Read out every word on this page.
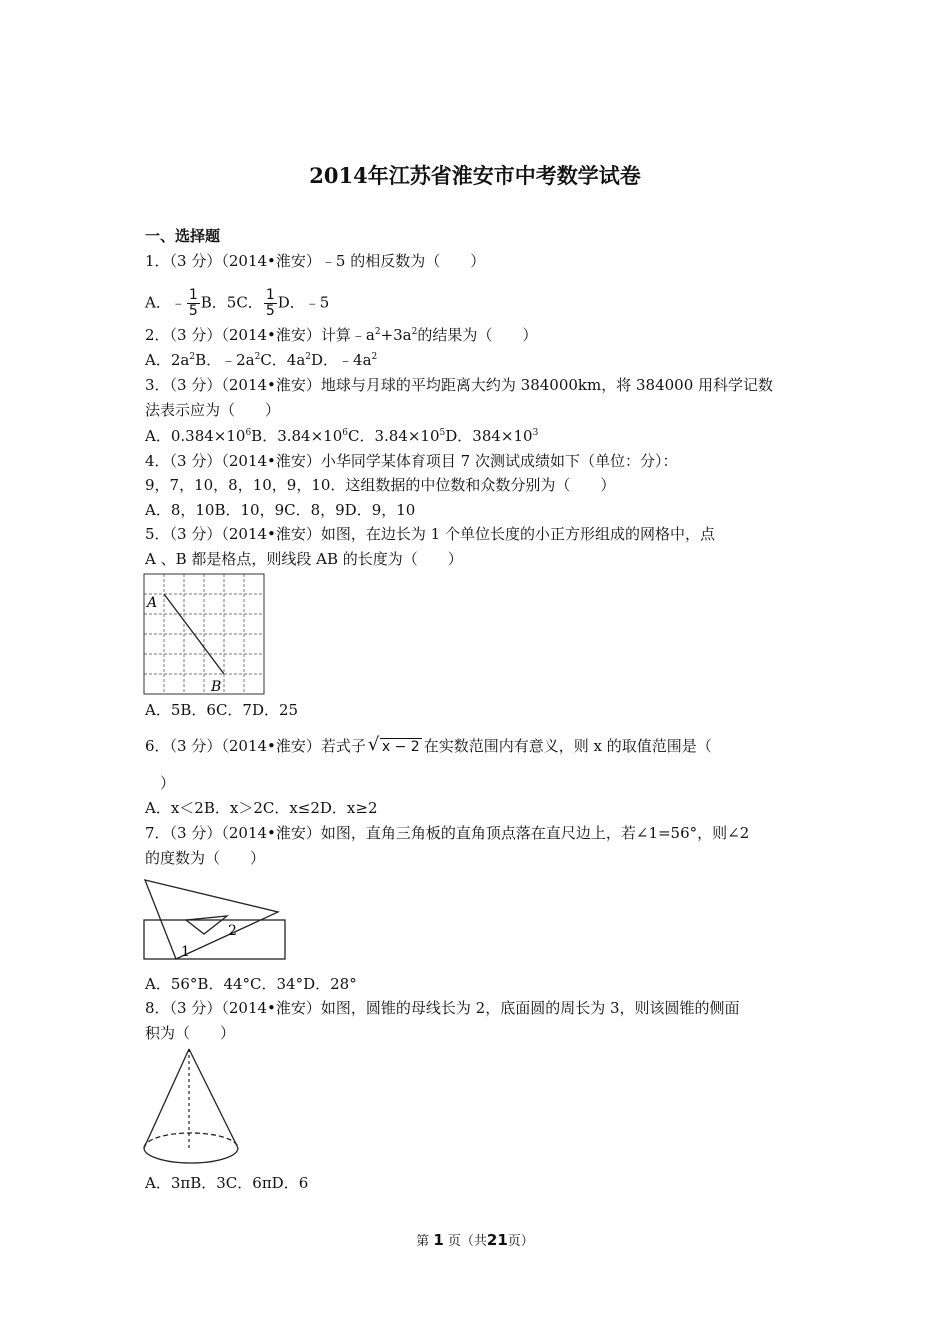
2014年江苏省淮安市中考数学试卷
一、选择题
1．（3 分）（2014•淮安）﹣5 的相反数为（　　）
A．﹣ $\frac{1}{5}$ B．5C． $\frac{1}{5}$ D．﹣5
2．（3 分）（2014•淮安）计算$﹣a^2+3a^2$的结果为（　　）
A．$2a^2B$．$﹣2a^2C$．$4a^2D$．$﹣4a^2$
3．（3 分）（2014•淮安）地球与月球的平均距离大约为 384000km，将 384000 用科学记数
法表示应为（　　）
A．$0.384\times 10^6B$．$3.84\times 10^6C$．$3.84\times 10^5D$．$384\times 10^3$
4．（3 分）（2014•淮安）小华同学某体育项目 7 次测试成绩如下（单位：分）：
9，7，10，8，10，9，10．这组数据的中位数和众数分别为（　　）
A．8，10B．10，9C．8，9D．9，10
5．（3 分）（2014•淮安）如图，在边长为 1 个单位长度的小正方形组成的网格中，点
A 、B 都是格点，则线段 AB 的长度为（　　）
A
B
A．5B．6C．7D．25
6．（3 分）（2014•淮安）若式子 √ x − 2 在实数范围内有意义，则 x 的取值范围是（
　）
A．x＜2B．x＞2C．x≤2D．x≥2
7．（3 分）（2014•淮安）如图，直角三角板的直角顶点落在直尺边上，若∠1=56°，则∠2
的度数为（　　）
1
2
A．56°B．44°C．34°D．28°
8．（3 分）（2014•淮安）如图，圆锥的母线长为 2，底面圆的周长为 3，则该圆锥的侧面
积为（　　）
A．3πB．3C．6πD．6
第 1 页（共21页）
